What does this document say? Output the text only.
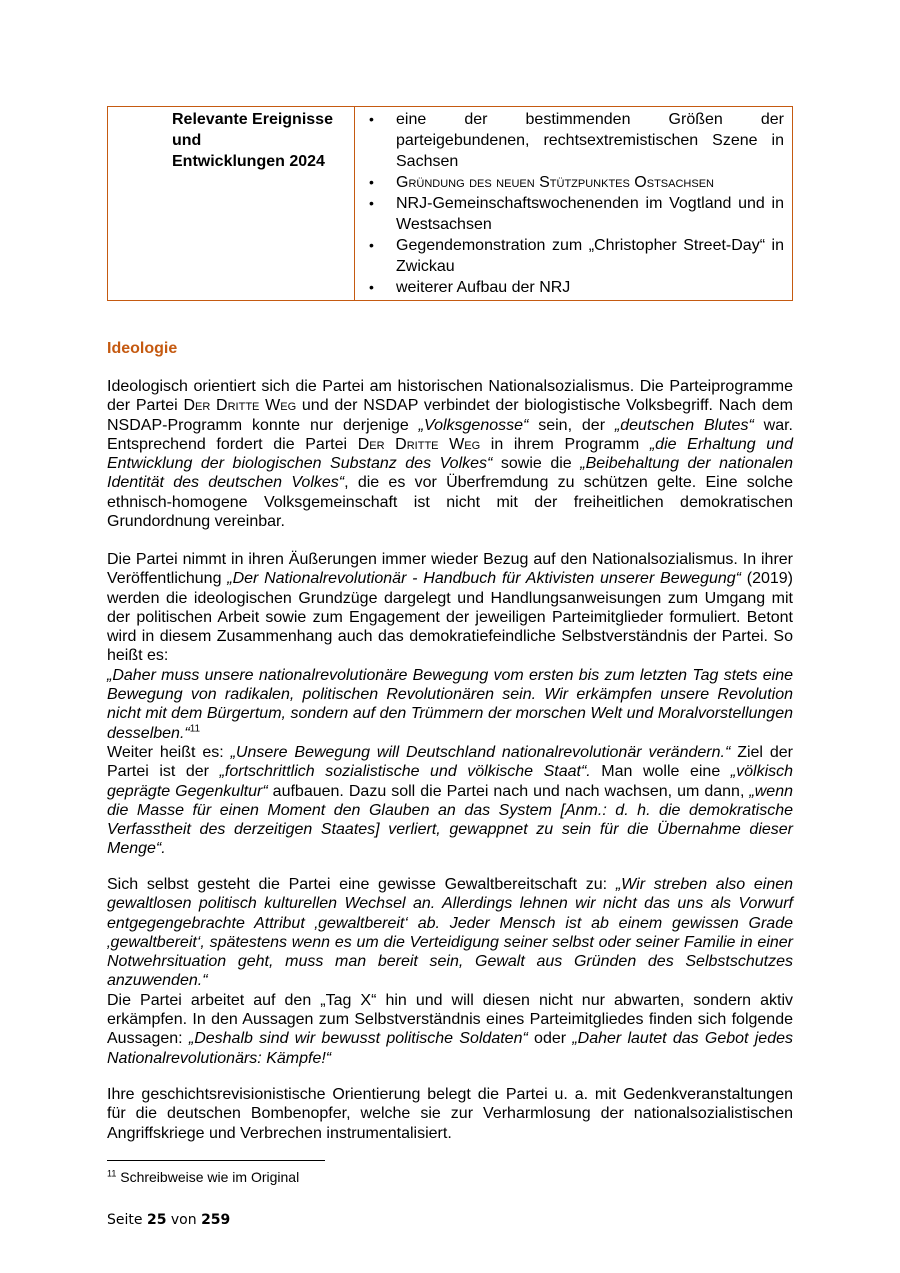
Relevante Ereignisse
und
Entwicklungen 2024
• eine der bestimmenden Größen der parteigebundenen, rechtsextremistischen Szene in Sachsen
• Gründung des neuen Stützpunktes Ostsachsen
• NRJ-Gemeinschaftswochenenden im Vogtland und in Westsachsen
• Gegendemonstration zum „Christopher Street-Day“ in Zwickau
• weiterer Aufbau der NRJ
Ideologie

Ideologisch orientiert sich die Partei am historischen Nationalsozialismus. Die Parteiprogramme der Partei Der Dritte Weg und der NSDAP verbindet der biologistische Volksbegriff. Nach dem NSDAP-Programm konnte nur derjenige „Volksgenosse“ sein, der „deutschen Blutes“ war. Entsprechend fordert die Partei Der Dritte Weg in ihrem Programm „die Erhaltung und Entwicklung der biologischen Substanz des Volkes“ sowie die „Beibehaltung der nationalen Identität des deutschen Volkes“, die es vor Überfremdung zu schützen gelte. Eine solche ethnisch-homogene Volksgemeinschaft ist nicht mit der freiheitlichen demokratischen Grundordnung vereinbar.

Die Partei nimmt in ihren Äußerungen immer wieder Bezug auf den Nationalsozialismus. In ihrer Veröffentlichung „Der Nationalrevolutionär - Handbuch für Aktivisten unserer Bewegung“ (2019) werden die ideologischen Grundzüge dargelegt und Handlungsanweisungen zum Umgang mit der politischen Arbeit sowie zum Engagement der jeweiligen Parteimitglieder formuliert. Betont wird in diesem Zusammenhang auch das demokratiefeindliche Selbstverständnis der Partei. So heißt es:
„Daher muss unsere nationalrevolutionäre Bewegung vom ersten bis zum letzten Tag stets eine Bewegung von radikalen, politischen Revolutionären sein. Wir erkämpfen unsere Revolution nicht mit dem Bürgertum, sondern auf den Trümmern der morschen Welt und Moralvorstellungen desselben.“$^{11}$
Weiter heißt es: „Unsere Bewegung will Deutschland nationalrevolutionär verändern.“ Ziel der Partei ist der „fortschrittlich sozialistische und völkische Staat“. Man wolle eine „völkisch geprägte Gegenkultur“ aufbauen. Dazu soll die Partei nach und nach wachsen, um dann, „wenn die Masse für einen Moment den Glauben an das System [Anm.: d. h. die demokratische Verfasstheit des derzeitigen Staates] verliert, gewappnet zu sein für die Übernahme dieser Menge“.

Sich selbst gesteht die Partei eine gewisse Gewaltbereitschaft zu: „Wir streben also einen gewaltlosen politisch kulturellen Wechsel an. Allerdings lehnen wir nicht das uns als Vorwurf entgegengebrachte Attribut ‚gewaltbereit‘ ab. Jeder Mensch ist ab einem gewissen Grade ‚gewaltbereit‘, spätestens wenn es um die Verteidigung seiner selbst oder seiner Familie in einer Notwehrsituation geht, muss man bereit sein, Gewalt aus Gründen des Selbstschutzes anzuwenden.“
Die Partei arbeitet auf den „Tag X“ hin und will diesen nicht nur abwarten, sondern aktiv erkämpfen. In den Aussagen zum Selbstverständnis eines Parteimitgliedes finden sich folgende Aussagen: „Deshalb sind wir bewusst politische Soldaten“ oder „Daher lautet das Gebot jedes Nationalrevolutionärs: Kämpfe!“

Ihre geschichtsrevisionistische Orientierung belegt die Partei u. a. mit Gedenkveranstaltungen für die deutschen Bombenopfer, welche sie zur Verharmlosung der nationalsozialistischen Angriffskriege und Verbrechen instrumentalisiert.

$^{11}$ Schreibweise wie im Original

Seite 25 von 259
